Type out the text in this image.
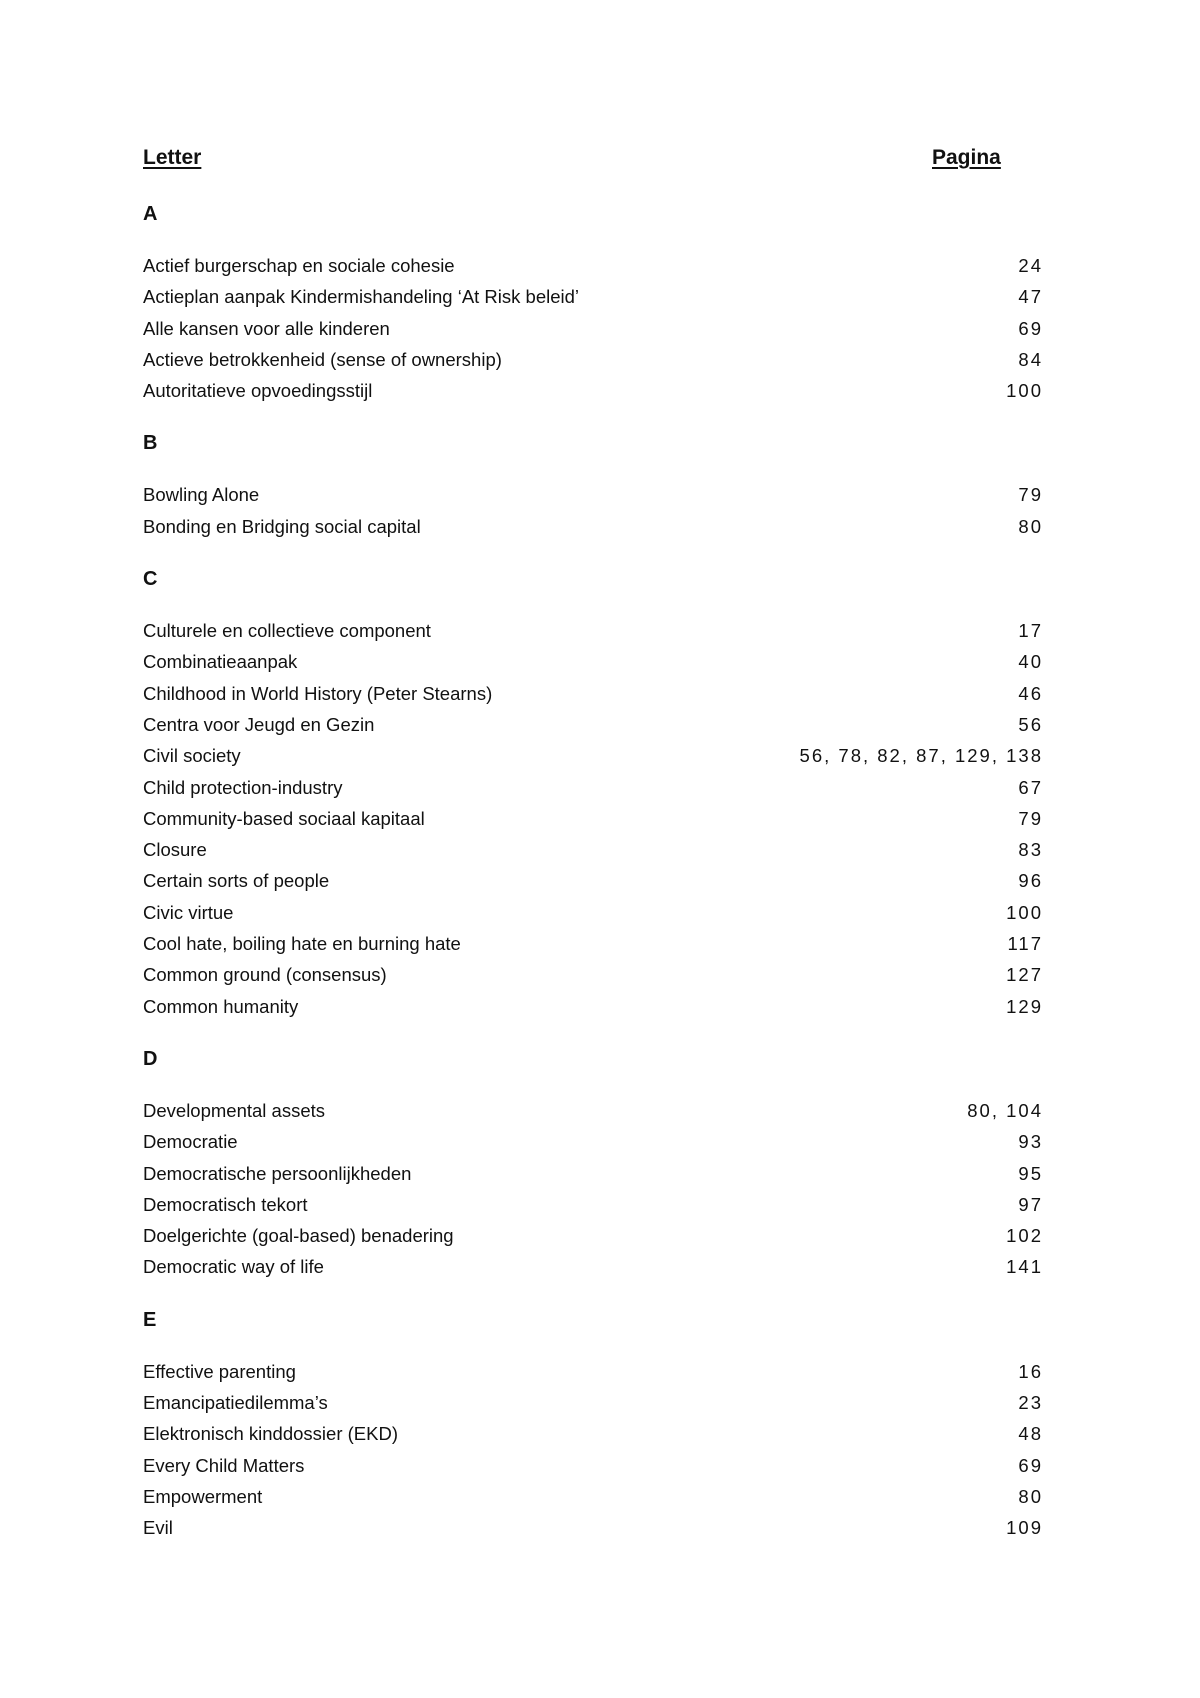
Letter	Pagina
A
Actief burgerschap en sociale cohesie	24
Actieplan aanpak Kindermishandeling ‘At Risk beleid’	47
Alle kansen voor alle kinderen	69
Actieve betrokkenheid (sense of ownership)	84
Autoritatieve opvoedingsstijl	100
B
Bowling Alone	79
Bonding en Bridging social capital	80
C
Culturele en collectieve component	17
Combinatieaanpak	40
Childhood in World History (Peter Stearns)	46
Centra voor Jeugd en Gezin	56
Civil society	56, 78, 82, 87, 129, 138
Child protection-industry	67
Community-based sociaal kapitaal	79
Closure	83
Certain sorts of people	96
Civic virtue	100
Cool hate, boiling hate en burning hate	117
Common ground (consensus)	127
Common humanity	129
D
Developmental assets	80, 104
Democratie	93
Democratische persoonlijkheden	95
Democratisch tekort	97
Doelgerichte (goal-based) benadering	102
Democratic way of life	141
E
Effective parenting	16
Emancipatiedilemma’s	23
Elektronisch kinddossier (EKD)	48
Every Child Matters	69
Empowerment	80
Evil	109
